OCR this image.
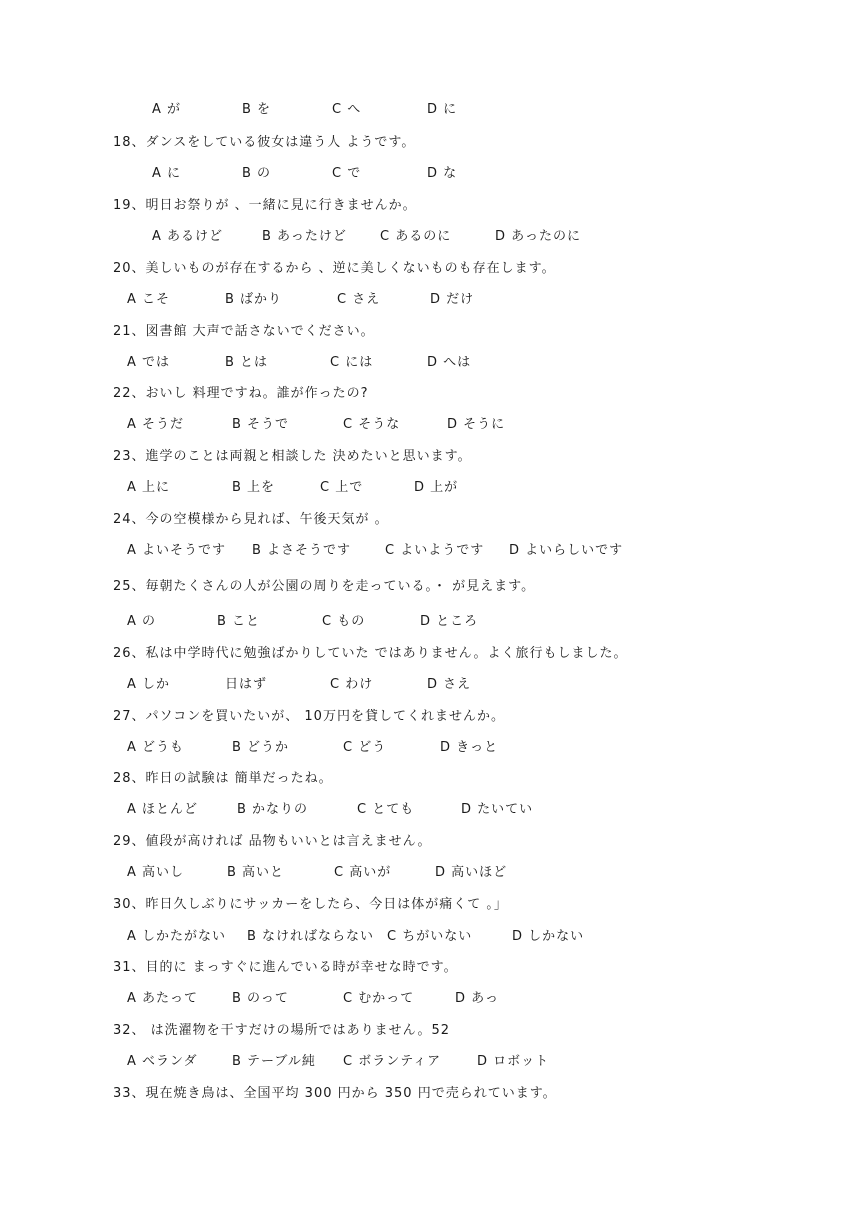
A が	B を	C へ	D に
18、ダンスをしている彼女は違う人 ようです。
A に	B の	C で	D な
19、明日お祭りが 、一緒に見に行きませんか。
A あるけど	B あったけど	C あるのに	D あったのに
20、美しいものが存在するから 、逆に美しくないものも存在します。
A こそ	B ばかり	C さえ	D だけ
21、図書館 大声で話さないでください。
A では	B とは	C には	D へは
22、おいし 料理ですね。誰が作ったの?
A そうだ	B そうで	C そうな	D そうに
23、進学のことは両親と相談した 決めたいと思います。
A 上に	B 上を	C 上で	D 上が
24、今の空模様から見れば、午後天気が 。
A よいそうです B よさそうです	C よいようです D よいらしいです
25、毎朝たくさんの人が公園の周りを走っている。・ が見えます。
A の	B こと	C もの	D ところ
26、私は中学時代に勉強ばかりしていた ではありません。よく旅行もしました。
A しか	日はず	C わけ	D さえ
27、パソコンを買いたいが、 10万円を貸してくれませんか。
A どうも	B どうか	C どう	D きっと
28、昨日の試験は 簡単だったね。
A ほとんど	B かなりの	C とても	D たいてい
29、値段が高ければ 品物もいいとは言えません。
A 高いし	B 高いと	C 高いが	D 高いほど
30、昨日久しぶりにサッカーをしたら、今日は体が痛くて 。」
A しかたがない B なければならない C ちがいない	D しかない
31、目的に まっすぐに進んでいる時が幸せな時です。
A あたって	B のって	C むかって	D あっ
32、 は洗濯物を干すだけの場所ではありません。52
A ベランダ	B テーブル純 C ボランティア	D ロボット
33、現在焼き鳥は、全国平均 300 円から 350 円で売られています。
